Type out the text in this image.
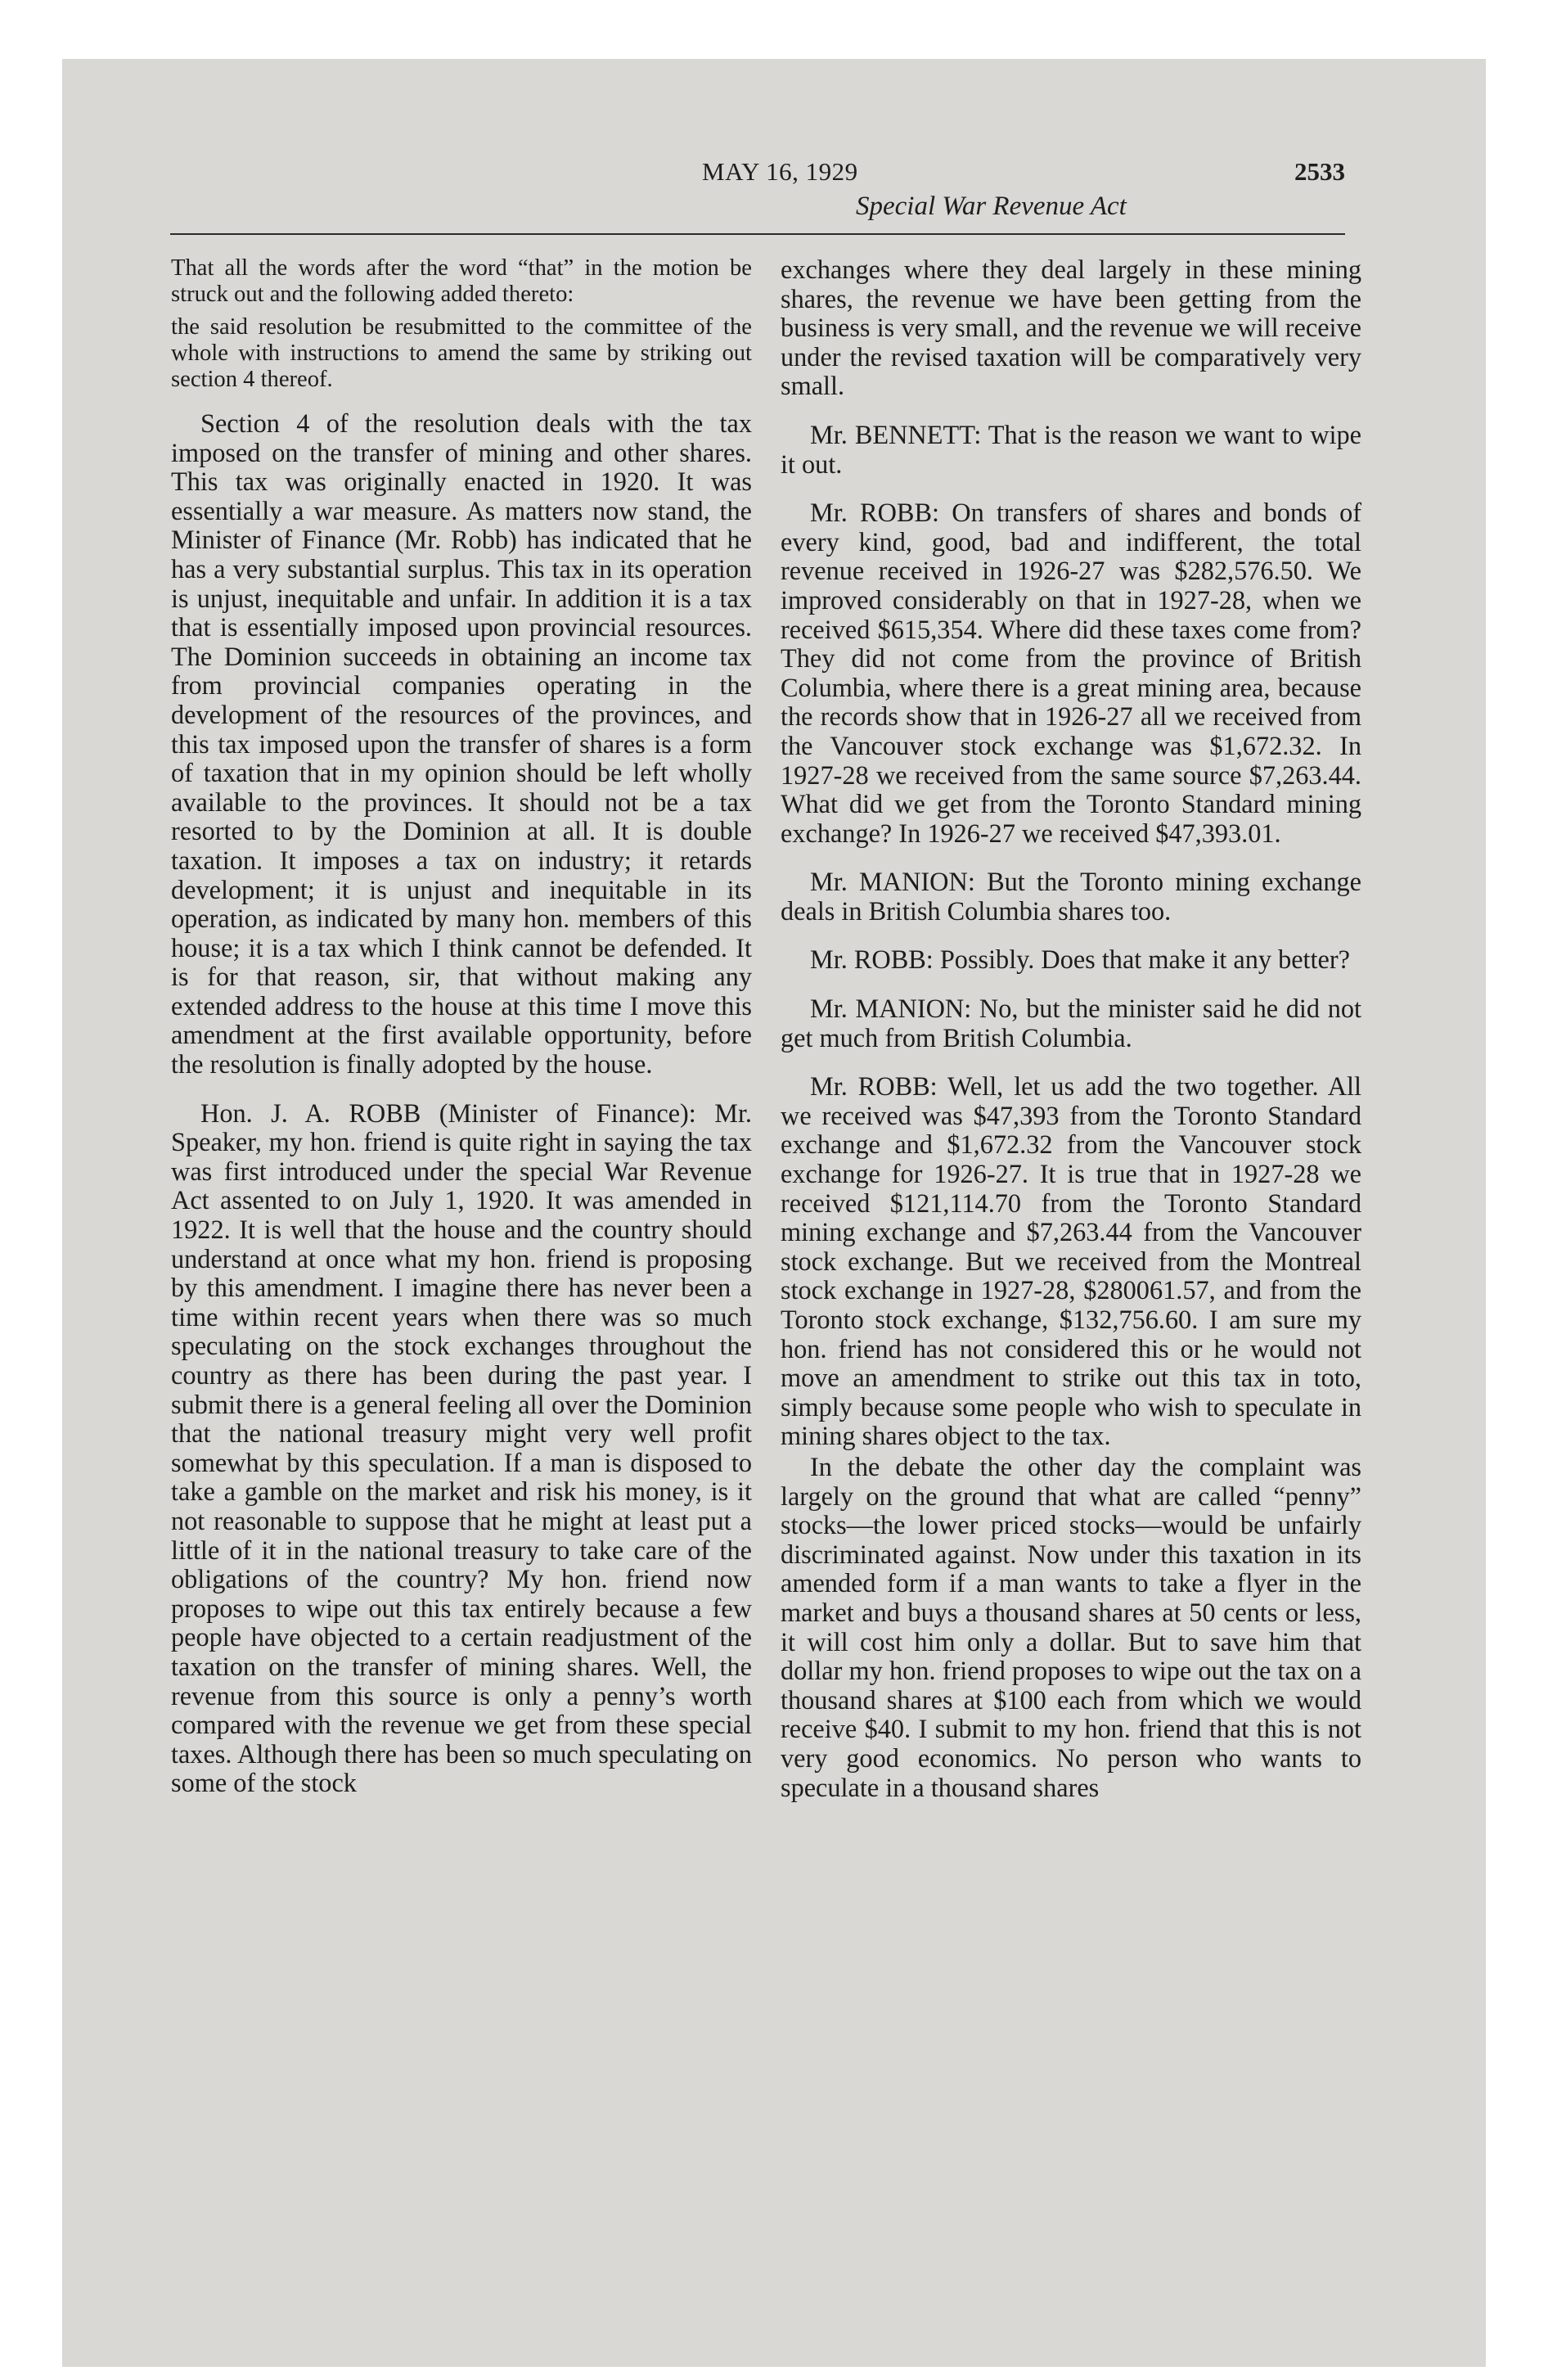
MAY 16, 1929	2533
Special War Revenue Act

That all the words after the word “that” in the motion be struck out and the following added thereto:

the said resolution be resubmitted to the committee of the whole with instructions to amend the same by striking out section 4 thereof.

Section 4 of the resolution deals with the tax imposed on the transfer of mining and other shares. This tax was originally enacted in 1920. It was essentially a war measure. As matters now stand, the Minister of Finance (Mr. Robb) has indicated that he has a very substantial surplus. This tax in its operation is unjust, inequitable and unfair. In addition it is a tax that is essentially imposed upon provincial resources. The Dominion succeeds in obtaining an income tax from provincial companies operating in the development of the resources of the provinces, and this tax imposed upon the transfer of shares is a form of taxation that in my opinion should be left wholly available to the provinces. It should not be a tax resorted to by the Dominion at all. It is double taxation. It imposes a tax on industry; it retards development; it is unjust and inequitable in its operation, as indicated by many hon. members of this house; it is a tax which I think cannot be defended. It is for that reason, sir, that without making any extended address to the house at this time I move this amendment at the first available opportunity, before the resolution is finally adopted by the house.

Hon. J. A. ROBB (Minister of Finance): Mr. Speaker, my hon. friend is quite right in saying the tax was first introduced under the special War Revenue Act assented to on July 1, 1920. It was amended in 1922. It is well that the house and the country should understand at once what my hon. friend is proposing by this amendment. I imagine there has never been a time within recent years when there was so much speculating on the stock exchanges throughout the country as there has been during the past year. I submit there is a general feeling all over the Dominion that the national treasury might very well profit somewhat by this speculation. If a man is disposed to take a gamble on the market and risk his money, is it not reasonable to suppose that he might at least put a little of it in the national treasury to take care of the obligations of the country? My hon. friend now proposes to wipe out this tax entirely because a few people have objected to a certain readjustment of the taxation on the transfer of mining shares. Well, the revenue from this source is only a penny’s worth compared with the revenue we get from these special taxes. Although there has been so much speculating on some of the stock

exchanges where they deal largely in these mining shares, the revenue we have been getting from the business is very small, and the revenue we will receive under the revised taxation will be comparatively very small.

Mr. BENNETT: That is the reason we want to wipe it out.

Mr. ROBB: On transfers of shares and bonds of every kind, good, bad and indifferent, the total revenue received in 1926-27 was $282,576.50. We improved considerably on that in 1927-28, when we received $615,354. Where did these taxes come from? They did not come from the province of British Columbia, where there is a great mining area, because the records show that in 1926-27 all we received from the Vancouver stock exchange was $1,672.32. In 1927-28 we received from the same source $7,263.44. What did we get from the Toronto Standard mining exchange? In 1926-27 we received $47,393.01.

Mr. MANION: But the Toronto mining exchange deals in British Columbia shares too.

Mr. ROBB: Possibly. Does that make it any better?

Mr. MANION: No, but the minister said he did not get much from British Columbia.

Mr. ROBB: Well, let us add the two together. All we received was $47,393 from the Toronto Standard exchange and $1,672.32 from the Vancouver stock exchange for 1926-27. It is true that in 1927-28 we received $121,114.70 from the Toronto Standard mining exchange and $7,263.44 from the Vancouver stock exchange. But we received from the Montreal stock exchange in 1927-28, $280061.57, and from the Toronto stock exchange, $132,756.60. I am sure my hon. friend has not considered this or he would not move an amendment to strike out this tax in toto, simply because some people who wish to speculate in mining shares object to the tax.

In the debate the other day the complaint was largely on the ground that what are called “penny” stocks—the lower priced stocks—would be unfairly discriminated against. Now under this taxation in its amended form if a man wants to take a flyer in the market and buys a thousand shares at 50 cents or less, it will cost him only a dollar. But to save him that dollar my hon. friend proposes to wipe out the tax on a thousand shares at $100 each from which we would receive $40. I submit to my hon. friend that this is not very good economics. No person who wants to speculate in a thousand shares
